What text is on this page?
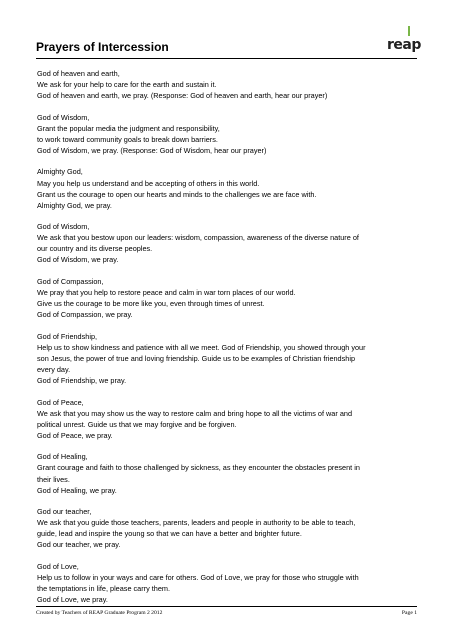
Prayers of Intercession	reap
God of heaven and earth,
We ask for your help to care for the earth and sustain it.
God of heaven and earth, we pray. (Response: God of heaven and earth, hear our prayer)
God of Wisdom,
Grant the popular media the judgment and responsibility,
to work toward community goals to break down barriers.
God of Wisdom, we pray. (Response: God of Wisdom, hear our prayer)
Almighty God,
May you help us understand and be accepting of others in this world.
Grant us the courage to open our hearts and minds to the challenges we are face with.
Almighty God, we pray.
God of Wisdom,
We ask that you bestow upon our leaders: wisdom, compassion, awareness of the diverse nature of
our country and its diverse peoples.
God of Wisdom, we pray.
God of Compassion,
We pray that you help to restore peace and calm in war torn places of our world.
Give us the courage to be more like you, even through times of unrest.
God of Compassion, we pray.
God of Friendship,
Help us to show kindness and patience with all we meet. God of Friendship, you showed through your
son Jesus, the power of true and loving friendship. Guide us to be examples of Christian friendship
every day.
God of Friendship, we pray.
God of Peace,
We ask that you may show us the way to restore calm and bring hope to all the victims of war and
political unrest. Guide us that we may forgive and be forgiven.
God of Peace, we pray.
God of Healing,
Grant courage and faith to those challenged by sickness, as they encounter the obstacles present in
their lives.
God of Healing, we pray.
God our teacher,
We ask that you guide those teachers, parents, leaders and people in authority to be able to teach,
guide, lead and inspire the young so that we can have a better and brighter future.
God our teacher, we pray.
God of Love,
Help us to follow in your ways and care for others. God of Love, we pray for those who struggle with
the temptations in life, please carry them.
God of Love, we pray.
Created by Teachers of REAP Graduate Program 2 2012	Page 1
